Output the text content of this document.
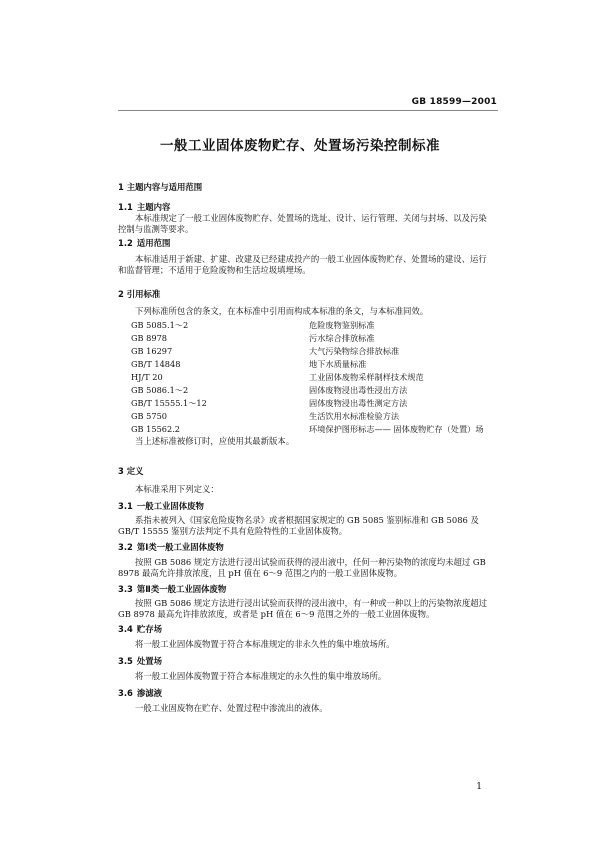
GB 18599—2001
一般工业固体废物贮存、处置场污染控制标准
1 主题内容与适用范围
1.1 主题内容
本标准规定了一般工业固体废物贮存、处置场的选址、设计、运行管理、关闭与封场、以及污染控制与监测等要求。
1.2 适用范围
本标准适用于新建、扩建、改建及已经建成投产的一般工业固体废物贮存、处置场的建设、运行和监督管理；不适用于危险废物和生活垃圾填埋场。
2 引用标准
下列标准所包含的条文，在本标准中引用而构成本标准的条文，与本标准同效。
GB 5085.1～2	危险废物鉴别标准
GB 8978	污水综合排放标准
GB 16297	大气污染物综合排放标准
GB/T 14848	地下水质量标准
HJ/T 20	工业固体废物采样制样技术规范
GB 5086.1～2	固体废物浸出毒性浸出方法
GB/T 15555.1～12	固体废物浸出毒性测定方法
GB 5750	生活饮用水标准检验方法
GB 15562.2	环境保护图形标志—— 固体废物贮存（处置）场
当上述标准被修订时，应使用其最新版本。
3 定义
本标准采用下列定义：
3.1 一般工业固体废物
系指未被列入《国家危险废物名录》或者根据国家规定的 GB 5085 鉴别标准和 GB 5086 及 GB/T 15555 鉴别方法判定不具有危险特性的工业固体废物。
3.2 第Ⅰ类一般工业固体废物
按照 GB 5086 规定方法进行浸出试验而获得的浸出液中，任何一种污染物的浓度均未超过 GB 8978 最高允许排放浓度，且 pH 值在 6～9 范围之内的一般工业固体废物。
3.3 第Ⅱ类一般工业固体废物
按照 GB 5086 规定方法进行浸出试验而获得的浸出液中，有一种或一种以上的污染物浓度超过 GB 8978 最高允许排放浓度，或者是 pH 值在 6～9 范围之外的一般工业固体废物。
3.4 贮存场
将一般工业固体废物置于符合本标准规定的非永久性的集中堆放场所。
3.5 处置场
将一般工业固体废物置于符合本标准规定的永久性的集中堆放场所。
3.6 渗滤液
一般工业固废物在贮存、处置过程中渗流出的液体。
1
